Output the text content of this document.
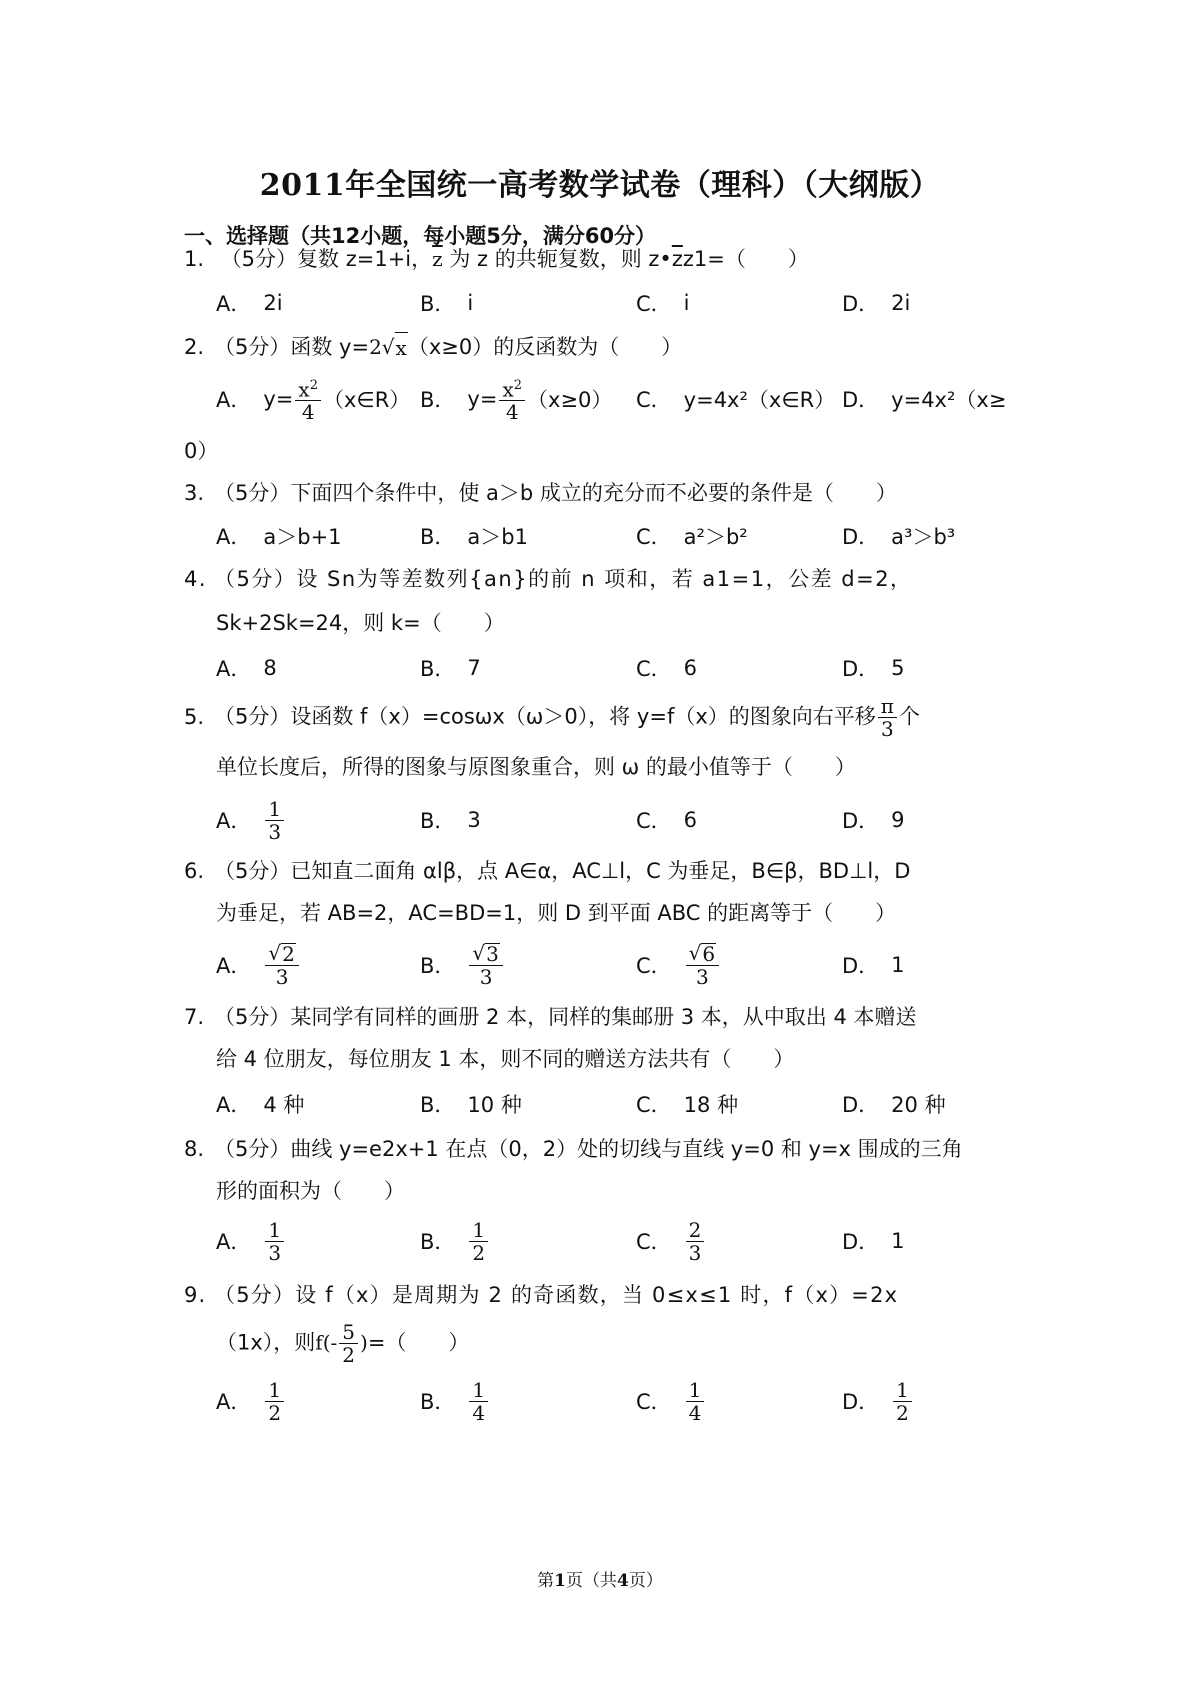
2011年全国统一高考数学试卷（理科）（大纲版）
一、选择题（共12小题，每小题5分，满分60分）
1. （5分）复数 z=1+i，$\overline{z}$ 为 z 的共轭复数，则 $z•\overline{z}z1=$（　　）
A． 2i	B． i	C． i	D． 2i
2. （5分）函数 y=2 √ x （x≥0）的反函数为（　　）
A． $y= \frac{x^2}{4}$ （x∈R） B． $y= \frac{x^2}{4} (x\ge 0)$ C． y=4x²（x∈R） D． y=4x²（x≥
0）
3. （5分）下面四个条件中，使 a＞b 成立的充分而不必要的条件是（　　）
A． a＞b+1	B． a＞b1	C． a²＞b²	D． a³＞b³
4. （5分）设 Sn为等差数列{an}的前 n 项和，若 a1=1，公差 d=2，
Sk+2Sk=24，则 k=（　　）
A． 8	B． 7	C． 6	D． 5
5. （5分）设函数 f（x）=cosωx（ω＞0），将 y=f（x）的图象向右平移 $\frac{\pi}{3}$ 个
单位长度后，所得的图象与原图象重合，则 ω 的最小值等于（　　）
A． $\frac{1}{3}$	B． 3	C． 6	D． 9
6. （5分）已知直二面角 αlβ，点 A∈α，AC⊥l，C 为垂足，B∈β，BD⊥l，D
为垂足，若 AB=2，AC=BD=1，则 D 到平面 ABC 的距离等于（　　）
A． $\frac{√ 2}{3}$	B． $\frac{√ 3}{3}$	C． $\frac{√ 6}{3}$	D． 1
7. （5分）某同学有同样的画册 2 本，同样的集邮册 3 本，从中取出 4 本赠送
给 4 位朋友，每位朋友 1 本，则不同的赠送方法共有（　　）
A． 4 种	B． 10 种	C． 18 种	D． 20 种
8. （5分）曲线 y=e2x+1 在点（0，2）处的切线与直线 y=0 和 y=x 围成的三角
形的面积为（　　）
A． $\frac{1}{3}$	B． $\frac{1}{2}$	C． $\frac{2}{3}$	D． 1
9. （5分）设 f（x）是周期为 2 的奇函数，当 0≤x≤1 时，f（x）=2x
（1x），则$f(- \frac{5}{2}$ )=（　　）
A． $\frac{1}{2}$	B． $\frac{1}{4}$	C． $\frac{1}{4}$	D． $\frac{1}{2}$
第1页（共4页）
